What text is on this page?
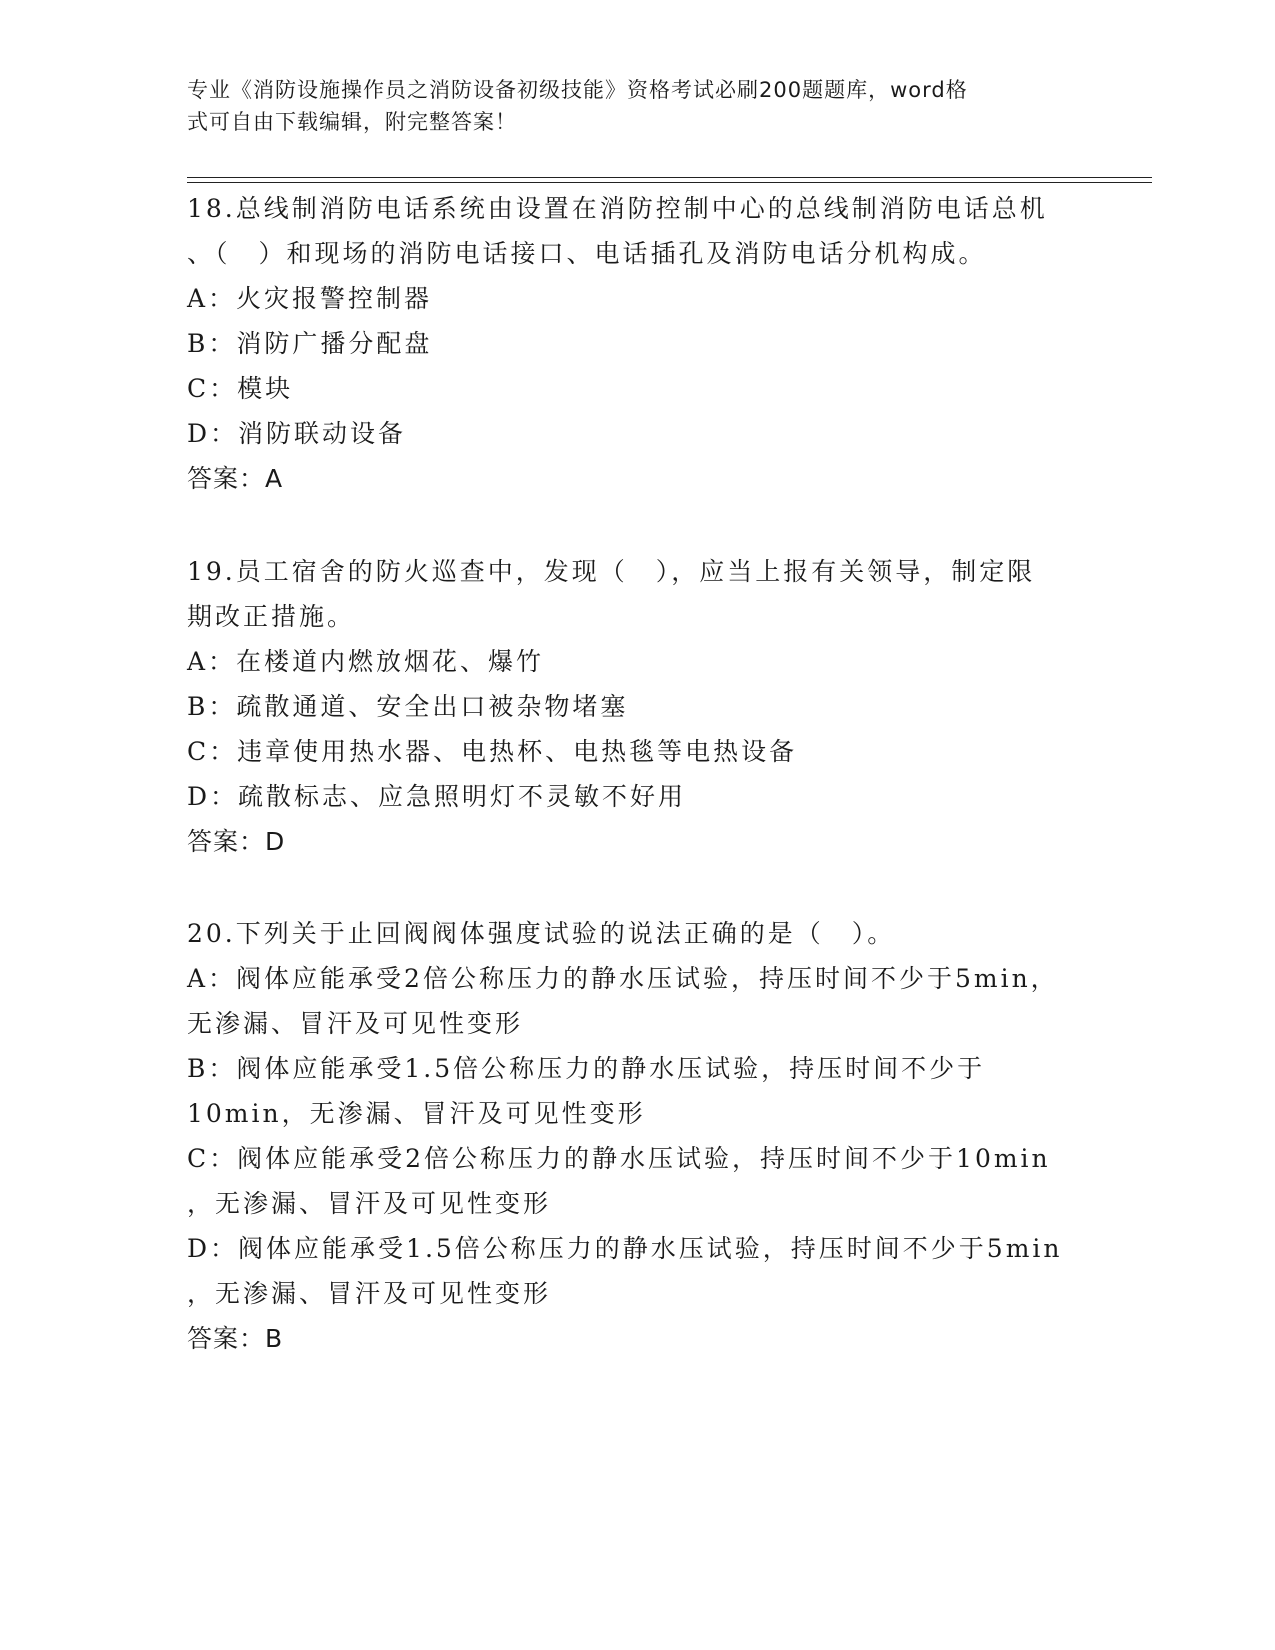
专业《消防设施操作员之消防设备初级技能》资格考试必刷200题题库，word格
式可自由下载编辑，附完整答案！
18.总线制消防电话系统由设置在消防控制中心的总线制消防电话总机
、（　）和现场的消防电话接口、电话插孔及消防电话分机构成。
A：火灾报警控制器
B：消防广播分配盘
C：模块
D：消防联动设备
答案：A
19.员工宿舍的防火巡查中，发现（　），应当上报有关领导，制定限
期改正措施。
A：在楼道内燃放烟花、爆竹
B：疏散通道、安全出口被杂物堵塞
C：违章使用热水器、电热杯、电热毯等电热设备
D：疏散标志、应急照明灯不灵敏不好用
答案：D
20.下列关于止回阀阀体强度试验的说法正确的是（　）。
A：阀体应能承受2倍公称压力的静水压试验，持压时间不少于5min，
无渗漏、冒汗及可见性变形
B：阀体应能承受1.5倍公称压力的静水压试验，持压时间不少于
10min，无渗漏、冒汗及可见性变形
C：阀体应能承受2倍公称压力的静水压试验，持压时间不少于10min
，无渗漏、冒汗及可见性变形
D：阀体应能承受1.5倍公称压力的静水压试验，持压时间不少于5min
，无渗漏、冒汗及可见性变形
答案：B
